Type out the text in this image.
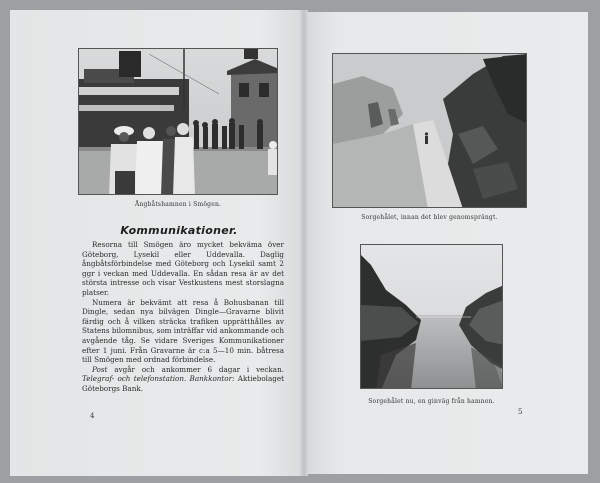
Ångbåtshamnen i Smögen.
Kommunikationer.

Resorna till Smögen äro mycket bekväma över Göteborg, Lysekil eller Uddevalla. Daglig ångbåtsförbindelse med Göteborg och Lysekil samt 2 ggr i veckan med Uddevalla. En sådan resa är av det största intresse och visar Vestkustens mest storslagna platser.

Numera är bekvämt att resa å Bohusbanan till Dingle, sedan nya bilvägen Dingle—Gravarne blivit färdig och å vilken sträcka trafiken upprätthålles av Statens bilomnibus, som inträffar vid ankommande och avgående tåg. Se vidare Sveriges Kommunikationer efter 1 juni. Från Gravarne är c:a 5—10 min. båtresa till Smögen med ordnad förbindelse.

Post avgår och ankommer 6 dagar i veckan. Telegraf- och telefonstation. Bankkontor: Aktiebolaget Göteborgs Bank.

4
Sorgehålet, innan det blev genomsprängt.
Sorgehålet nu, en ginväg från hamnen.
5
